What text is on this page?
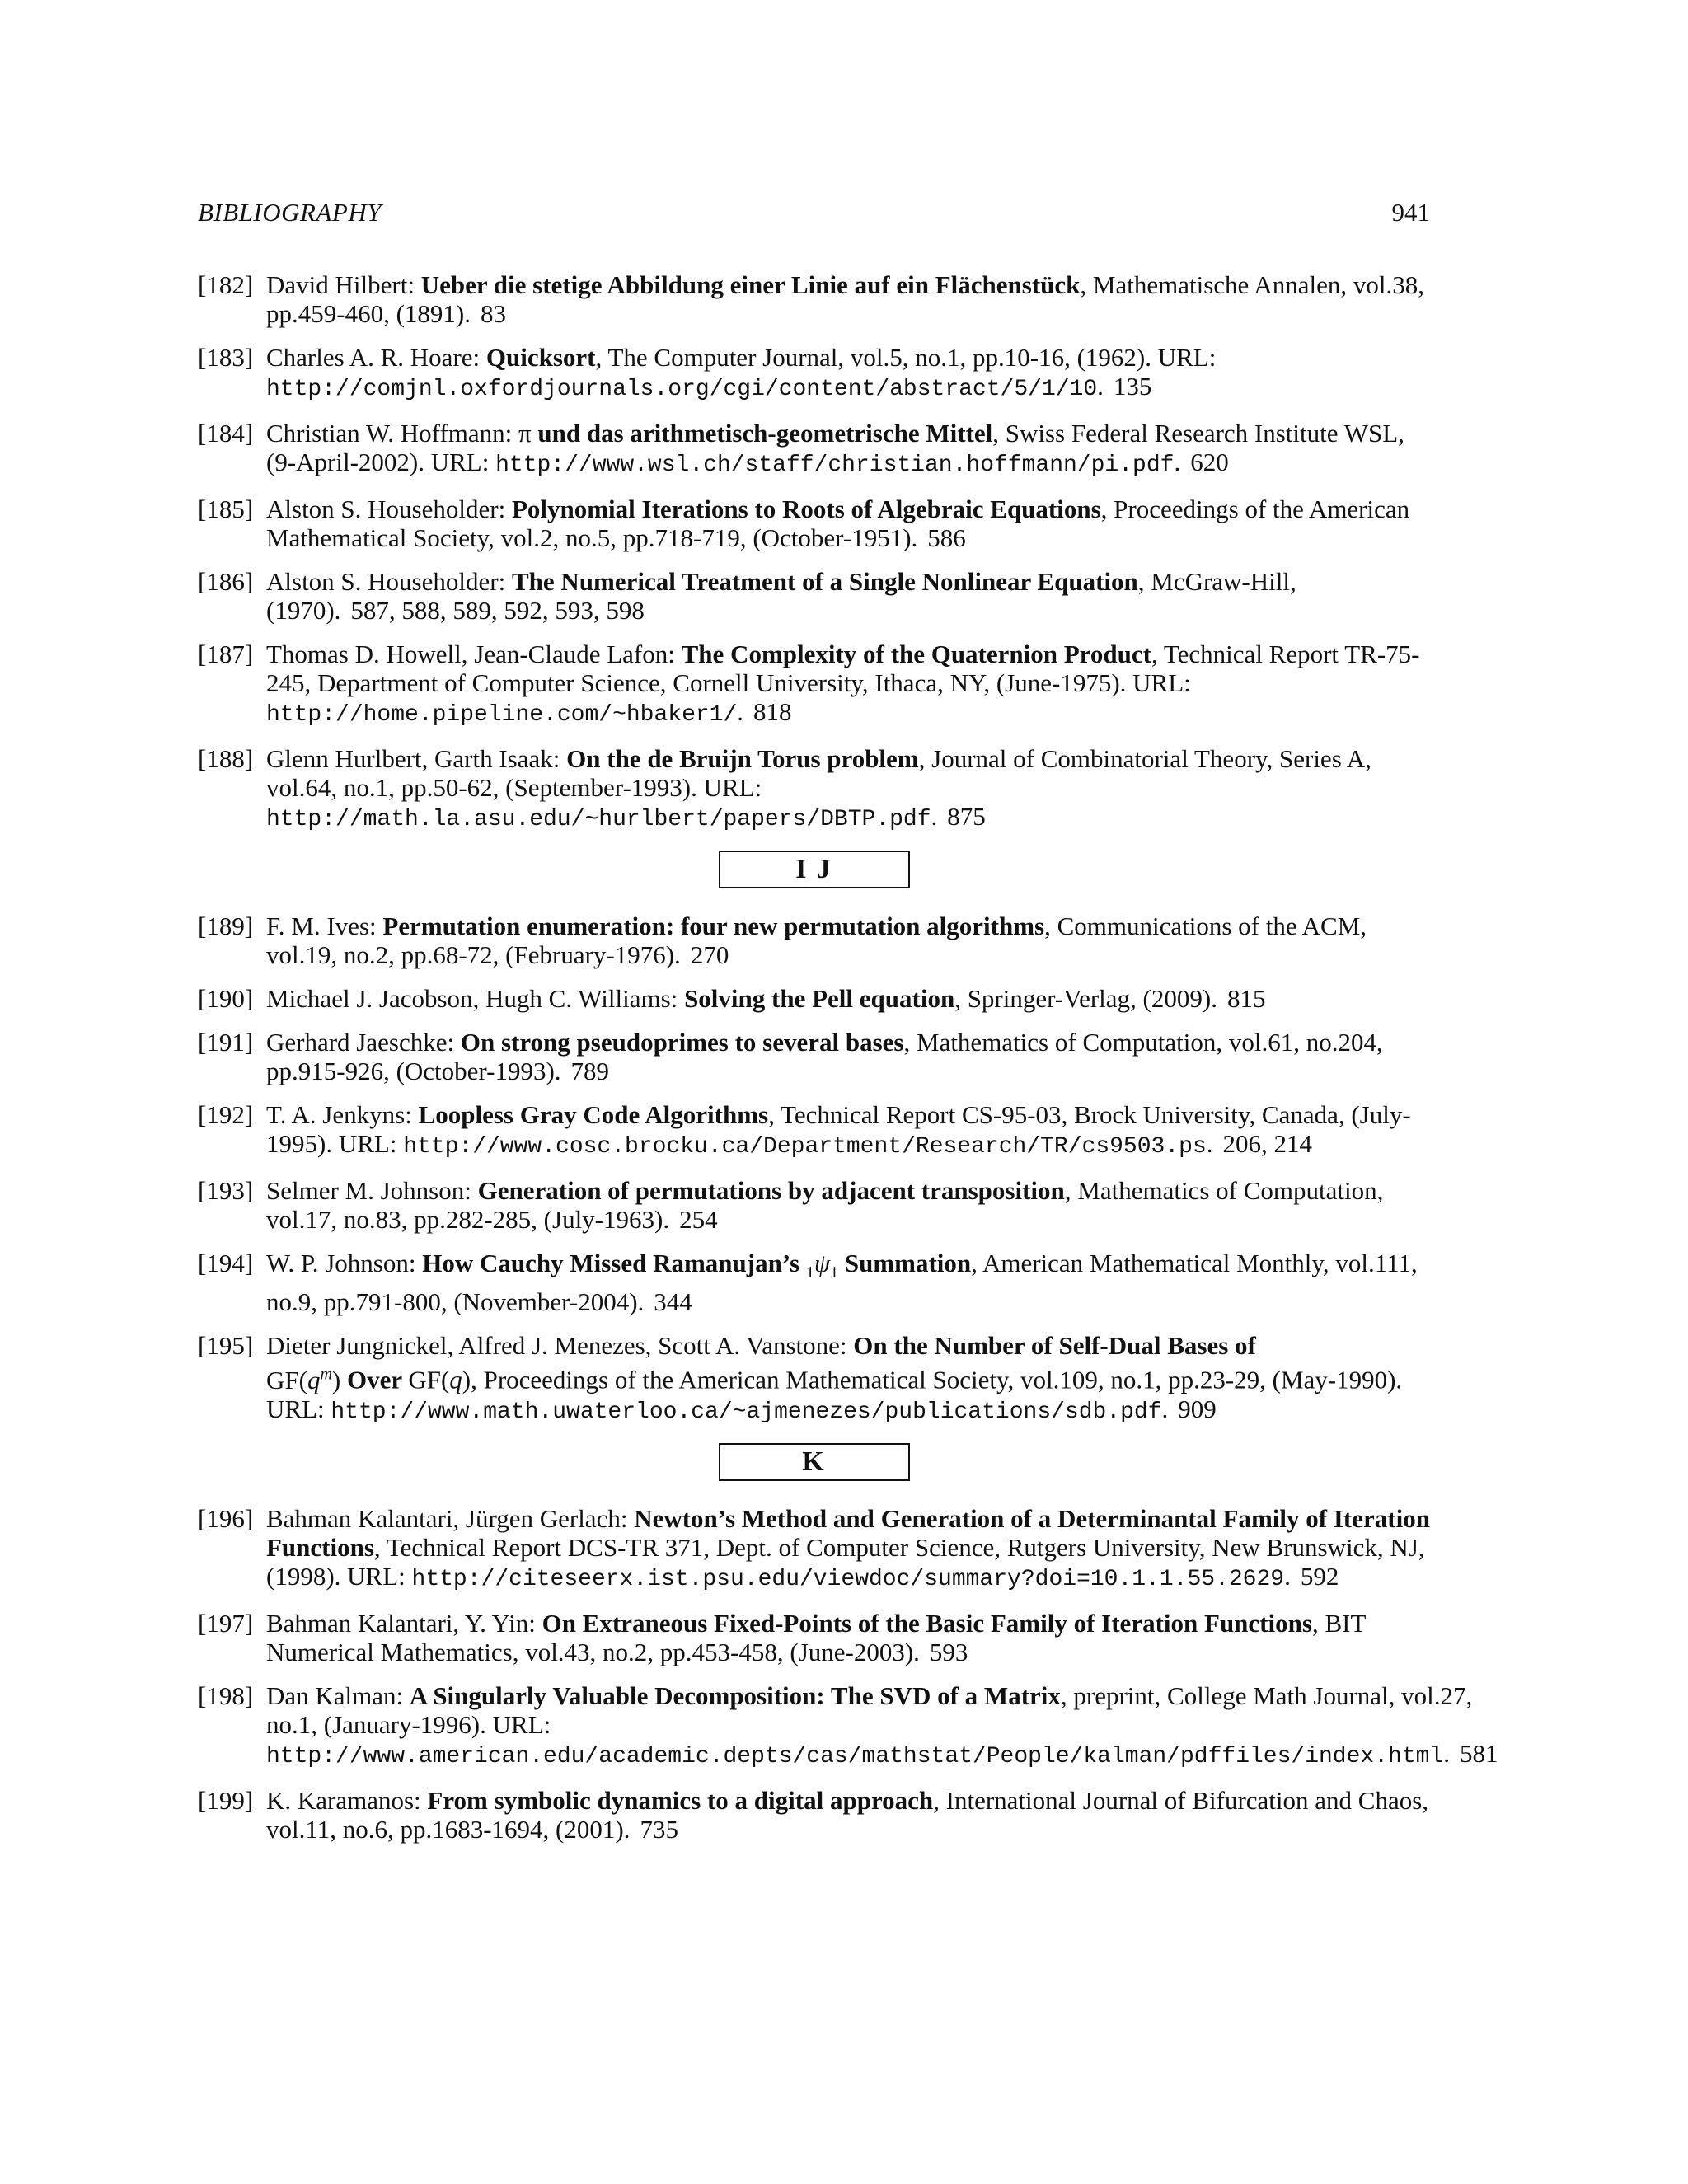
BIBLIOGRAPHY	941
[182] David Hilbert: Ueber die stetige Abbildung einer Linie auf ein Flächenstück, Mathematische Annalen, vol.38, pp.459-460, (1891). 83
[183] Charles A. R. Hoare: Quicksort, The Computer Journal, vol.5, no.1, pp.10-16, (1962). URL: http://comjnl.oxfordjournals.org/cgi/content/abstract/5/1/10. 135
[184] Christian W. Hoffmann: π und das arithmetisch-geometrische Mittel, Swiss Federal Research Institute WSL, (9-April-2002). URL: http://www.wsl.ch/staff/christian.hoffmann/pi.pdf. 620
[185] Alston S. Householder: Polynomial Iterations to Roots of Algebraic Equations, Proceedings of the American Mathematical Society, vol.2, no.5, pp.718-719, (October-1951). 586
[186] Alston S. Householder: The Numerical Treatment of a Single Nonlinear Equation, McGraw-Hill, (1970). 587, 588, 589, 592, 593, 598
[187] Thomas D. Howell, Jean-Claude Lafon: The Complexity of the Quaternion Product, Technical Report TR-75-245, Department of Computer Science, Cornell University, Ithaca, NY, (June-1975). URL: http://home.pipeline.com/~hbaker1/. 818
[188] Glenn Hurlbert, Garth Isaak: On the de Bruijn Torus problem, Journal of Combinatorial Theory, Series A, vol.64, no.1, pp.50-62, (September-1993). URL: http://math.la.asu.edu/~hurlbert/papers/DBTP.pdf. 875
I J
[189] F. M. Ives: Permutation enumeration: four new permutation algorithms, Communications of the ACM, vol.19, no.2, pp.68-72, (February-1976). 270
[190] Michael J. Jacobson, Hugh C. Williams: Solving the Pell equation, Springer-Verlag, (2009). 815
[191] Gerhard Jaeschke: On strong pseudoprimes to several bases, Mathematics of Computation, vol.61, no.204, pp.915-926, (October-1993). 789
[192] T. A. Jenkyns: Loopless Gray Code Algorithms, Technical Report CS-95-03, Brock University, Canada, (July-1995). URL: http://www.cosc.brocku.ca/Department/Research/TR/cs9503.ps. 206, 214
[193] Selmer M. Johnson: Generation of permutations by adjacent transposition, Mathematics of Computation, vol.17, no.83, pp.282-285, (July-1963). 254
[194] W. P. Johnson: How Cauchy Missed Ramanujan’s $_1\psi_1$ Summation, American Mathematical Monthly, vol.111, no.9, pp.791-800, (November-2004). 344
[195] Dieter Jungnickel, Alfred J. Menezes, Scott A. Vanstone: On the Number of Self-Dual Bases of
$GF(q^m)$ Over GF(q), Proceedings of the American Mathematical Society, vol.109, no.1, pp.23-29, (May-1990). URL: http://www.math.uwaterloo.ca/~ajmenezes/publications/sdb.pdf. 909
K
[196] Bahman Kalantari, Jürgen Gerlach: Newton’s Method and Generation of a Determinantal Family of Iteration Functions, Technical Report DCS-TR 371, Dept. of Computer Science, Rutgers University, New Brunswick, NJ, (1998). URL: http://citeseerx.ist.psu.edu/viewdoc/summary?doi=10.1.1.55.2629. 592
[197] Bahman Kalantari, Y. Yin: On Extraneous Fixed-Points of the Basic Family of Iteration Functions, BIT Numerical Mathematics, vol.43, no.2, pp.453-458, (June-2003). 593
[198] Dan Kalman: A Singularly Valuable Decomposition: The SVD of a Matrix, preprint, College Math Journal, vol.27, no.1, (January-1996). URL: http://www.american.edu/academic.depts/cas/mathstat/People/kalman/pdffiles/index.html. 581
[199] K. Karamanos: From symbolic dynamics to a digital approach, International Journal of Bifurcation and Chaos, vol.11, no.6, pp.1683-1694, (2001). 735
